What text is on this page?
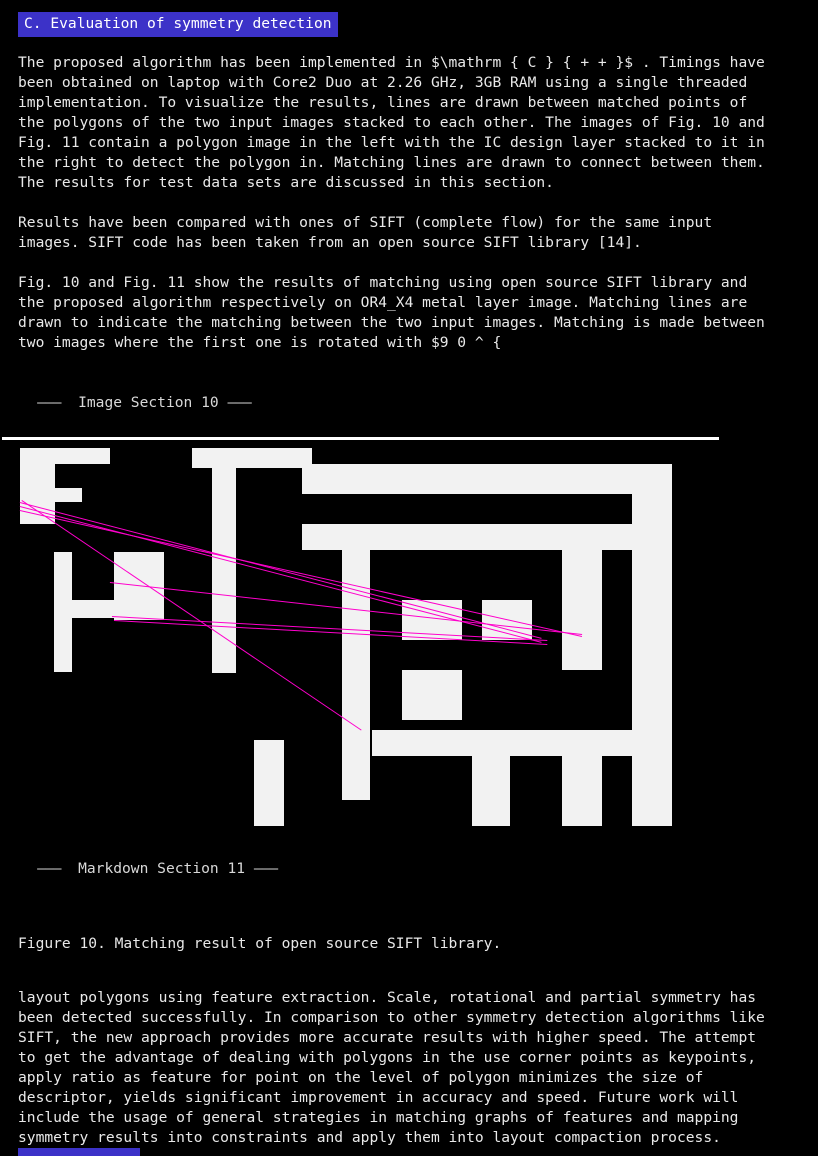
C. Evaluation of symmetry detection

The proposed algorithm has been implemented in $\mathrm { C } { + + }$ . Timings have been obtained on laptop with Core2 Duo at 2.26 GHz, 3GB RAM using a single threaded implementation. To visualize the results, lines are drawn between matched points of the polygons of the two input images stacked to each other. The images of Fig. 10 and Fig. 11 contain a polygon image in the left with the IC design layer stacked to it in the right to detect the polygon in. Matching lines are drawn to connect between them. The results for test data sets are discussed in this section.

Results have been compared with ones of SIFT (complete flow) for the same input images. SIFT code has been taken from an open source SIFT library [14].

Fig. 10 and Fig. 11 show the results of matching using open source SIFT library and the proposed algorithm respectively on OR4_X4 metal layer image. Matching lines are drawn to indicate the matching between the two input images. Matching is made between two images where the first one is rotated with $9 0 ^ {

——— Image Section 10 ———

——— Markdown Section 11 ———

Figure 10. Matching result of open source SIFT library.

layout polygons using feature extraction. Scale, rotational and partial symmetry has been detected successfully. In comparison to other symmetry detection algorithms like SIFT, the new approach provides more accurate results with higher speed. The attempt to get the advantage of dealing with polygons in the use corner points as keypoints, apply ratio as feature for point on the level of polygon minimizes the size of descriptor, yields significant improvement in accuracy and speed. Future work will include the usage of general strategies in matching graphs of features and mapping symmetry results into constraints and apply them into layout compaction process.
